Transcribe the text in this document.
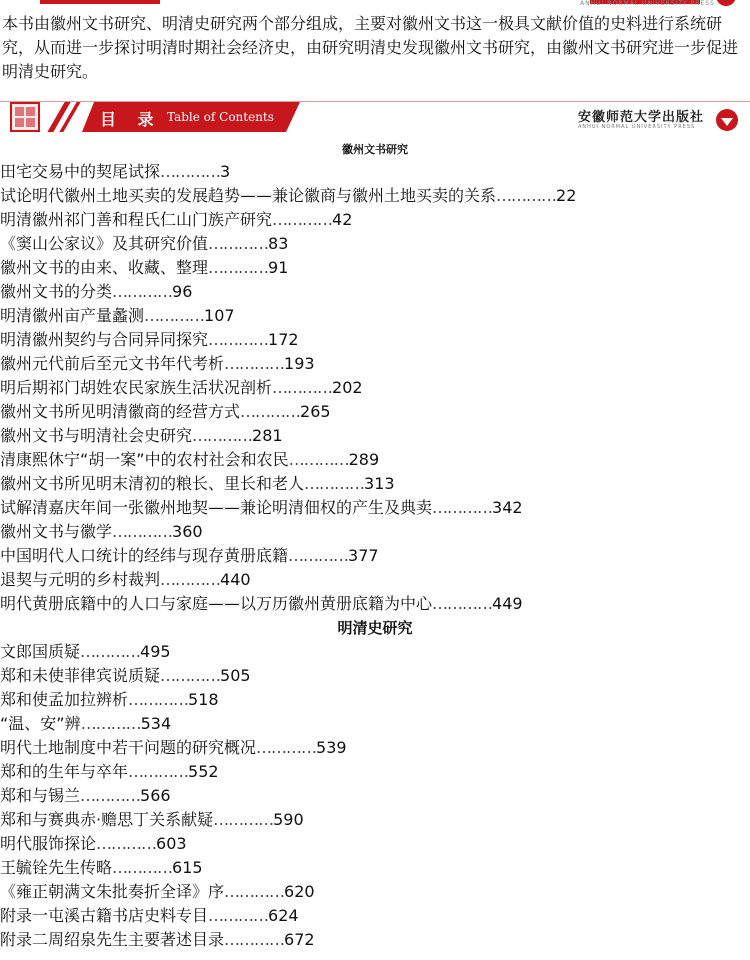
ANHUI NORMAL UNIVERSITY PRESS

本书由徽州文书研究、明清史研究两个部分组成，主要对徽州文书这一极具文献价值的史料进行系统研究，从而进一步探讨明清时期社会经济史，由研究明清史发现徽州文书研究，由徽州文书研究进一步促进明清史研究。

目 录 Table of Contents	安徽师范大学出版社
ANHUI NORMAL UNIVERSITY PRESS
徽州文书研究
田宅交易中的契尾试探…………3
试论明代徽州土地买卖的发展趋势——兼论徽商与徽州土地买卖的关系…………22
明清徽州祁门善和程氏仁山门族产研究…………42
《窦山公家议》及其研究价值…………83
徽州文书的由来、收藏、整理…………91
徽州文书的分类…………96
明清徽州亩产量蠡测…………107
明清徽州契约与合同异同探究…………172
徽州元代前后至元文书年代考析…………193
明后期祁门胡姓农民家族生活状况剖析…………202
徽州文书所见明清徽商的经营方式…………265
徽州文书与明清社会史研究…………281
清康熙休宁“胡一案”中的农村社会和农民…………289
徽州文书所见明末清初的粮长、里长和老人…………313
试解清嘉庆年间一张徽州地契——兼论明清佃权的产生及典卖…………342
徽州文书与徽学…………360
中国明代人口统计的经纬与现存黄册底籍…………377
退契与元明的乡村裁判…………440
明代黄册底籍中的人口与家庭——以万历徽州黄册底籍为中心…………449
明清史研究
文郎国质疑…………495
郑和未使菲律宾说质疑…………505
郑和使孟加拉辨析…………518
“温、安”辨…………534
明代土地制度中若干问题的研究概况…………539
郑和的生年与卒年…………552
郑和与锡兰…………566
郑和与赛典赤·赡思丁关系献疑…………590
明代服饰探论…………603
王毓铨先生传略…………615
《雍正朝满文朱批奏折全译》序…………620
附录一屯溪古籍书店史料专目…………624
附录二周绍泉先生主要著述目录…………672
